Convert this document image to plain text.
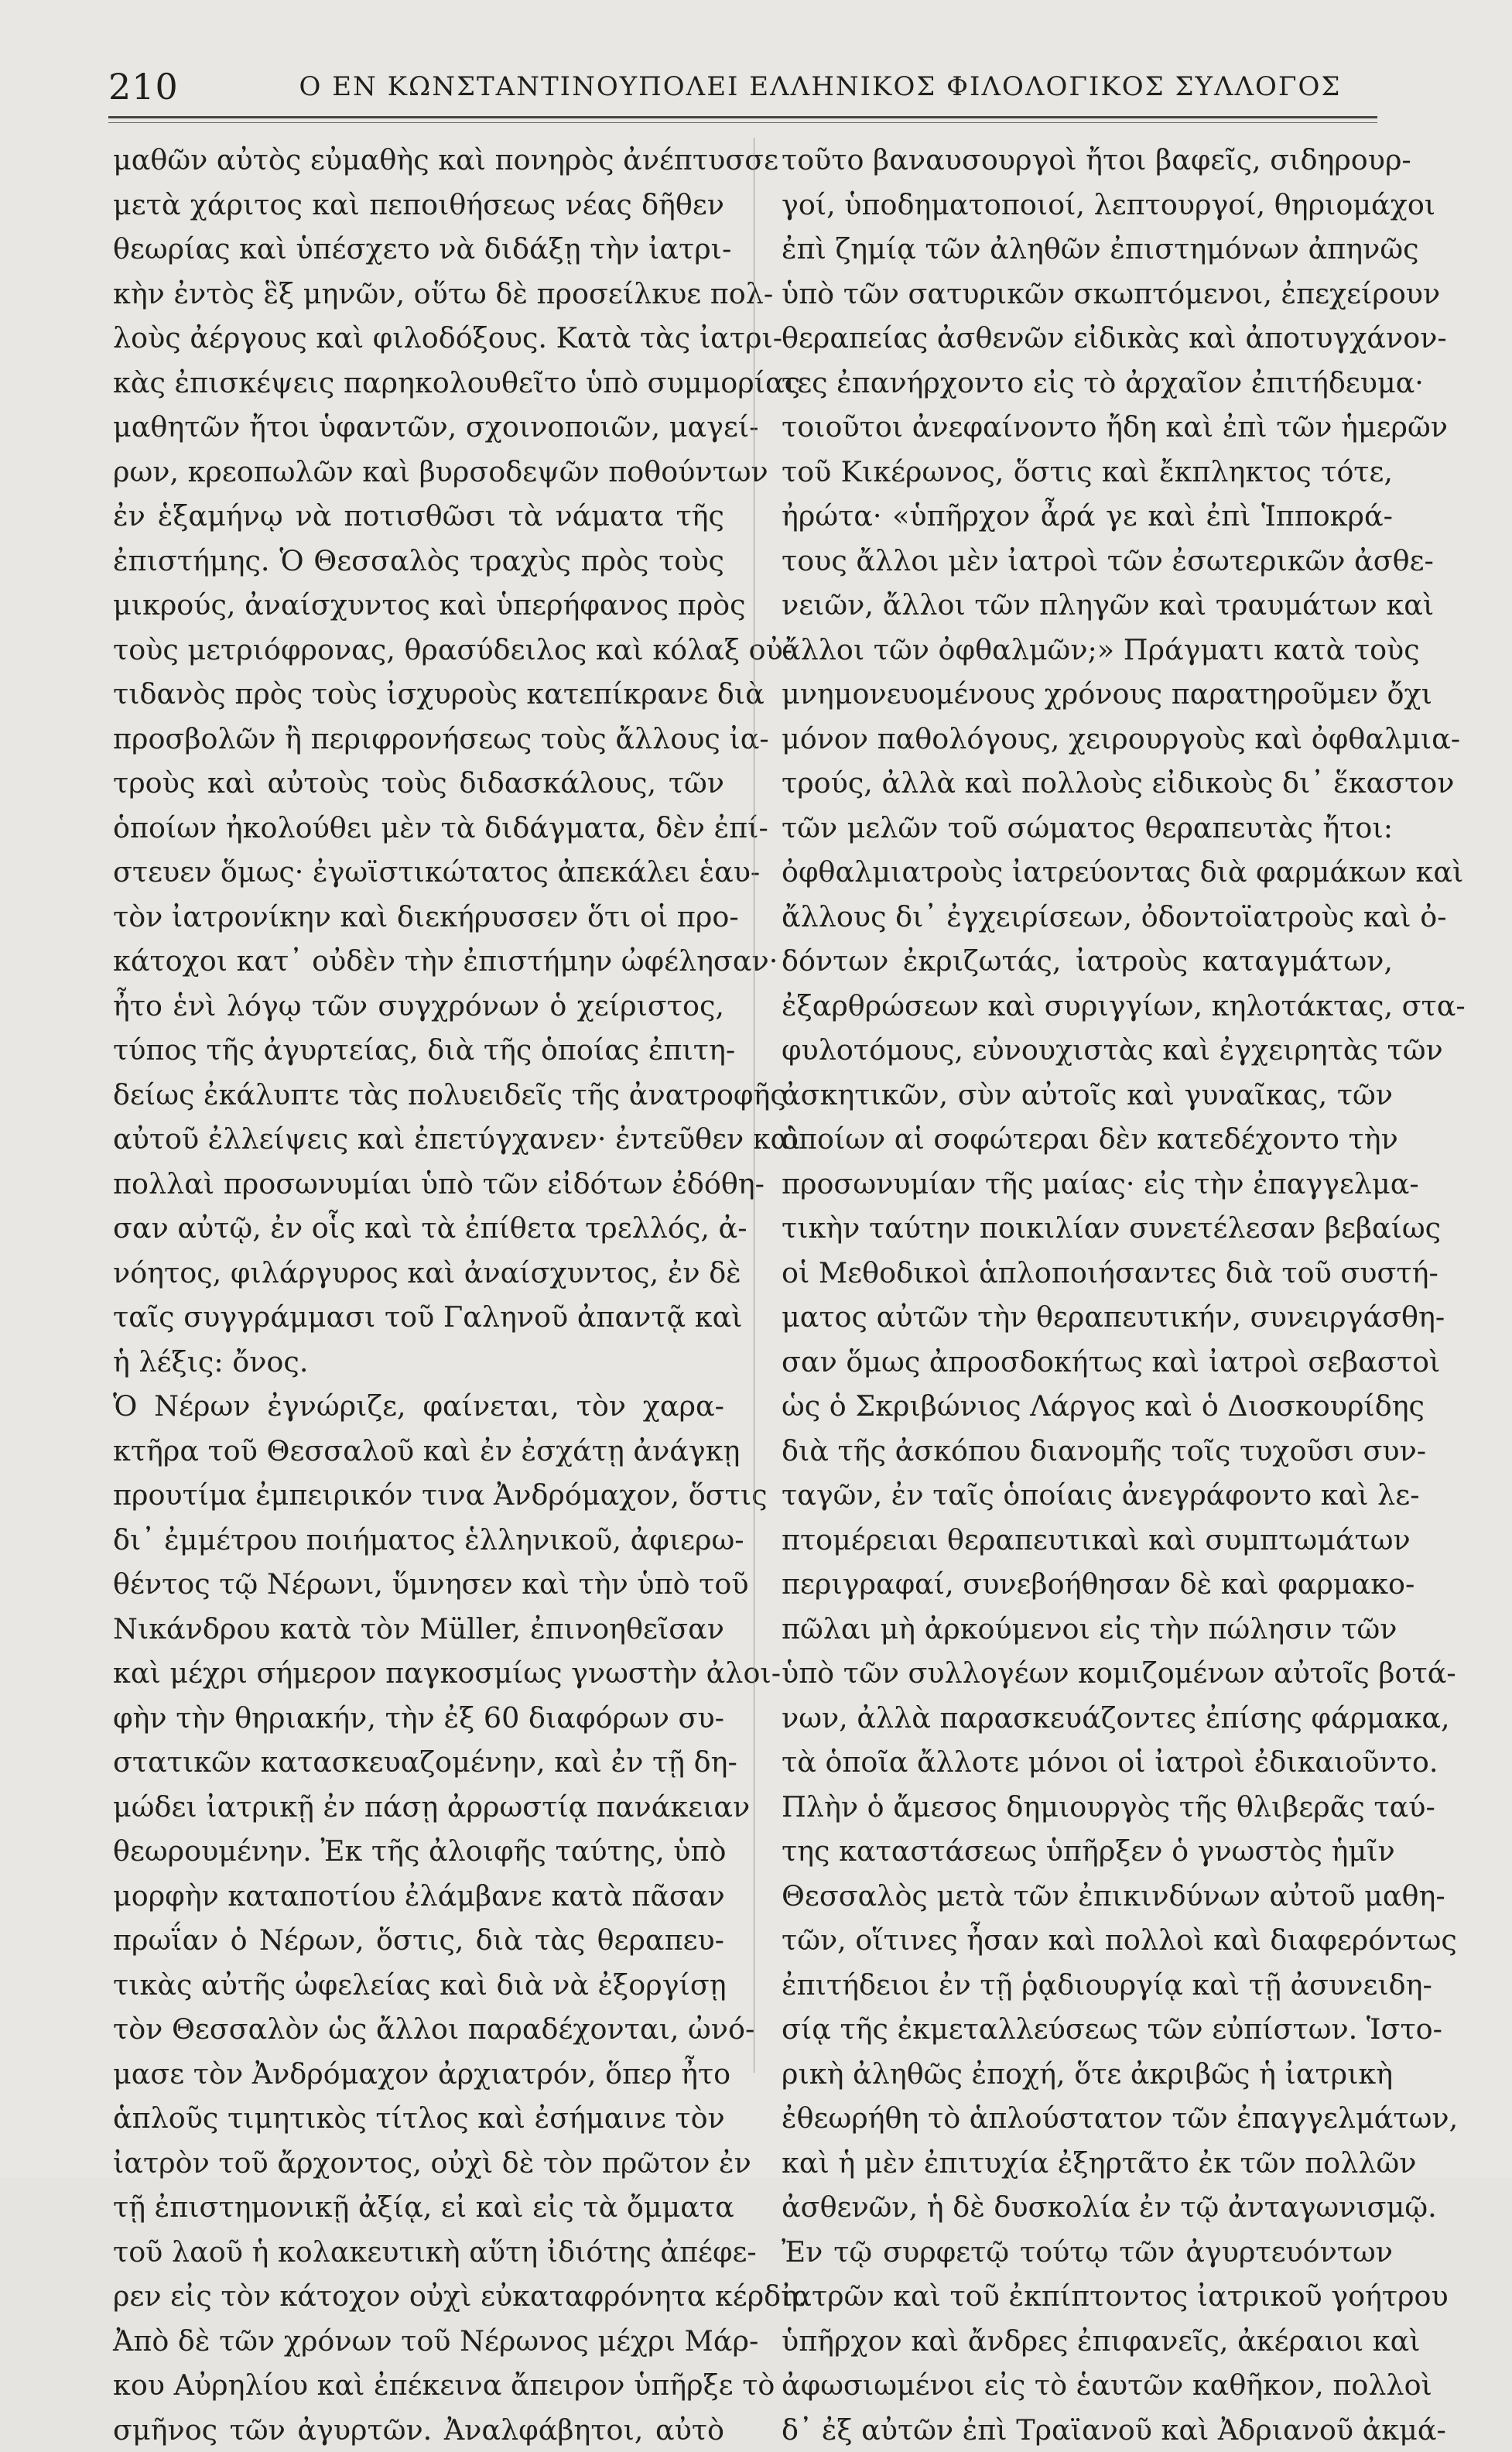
210	Ο ΕΝ ΚΩΝΣΤΑΝΤΙΝΟΥΠΟΛΕΙ ΕΛΛΗΝΙΚΟΣ ΦΙΛΟΛΟΓΙΚΟΣ ΣΥΛΛΟΓΟΣ
μαθῶν αὐτὸς εὐμαθὴς καὶ πονηρὸς ἀνέπτυσσε
μετὰ χάριτος καὶ πεποιθήσεως νέας δῆθεν
θεωρίας καὶ ὑπέσχετο νὰ διδάξῃ τὴν ἰατρι-
κὴν ἐντὸς ἓξ μηνῶν, οὕτω δὲ προσείλκυε πολ-
λοὺς ἀέργους καὶ φιλοδόξους. Κατὰ τὰς ἰατρι-
κὰς ἐπισκέψεις παρηκολουθεῖτο ὑπὸ συμμορίας
μαθητῶν ἤτοι ὑφαντῶν, σχοινοποιῶν, μαγεί-
ρων, κρεοπωλῶν καὶ βυρσοδεψῶν ποθούντων
ἐν ἑξαμήνῳ νὰ ποτισθῶσι τὰ νάματα τῆς
ἐπιστήμης. Ὁ Θεσσαλὸς τραχὺς πρὸς τοὺς
μικρούς, ἀναίσχυντος καὶ ὑπερήφανος πρὸς
τοὺς μετριόφρονας, θρασύδειλος καὶ κόλαξ οὐ-
τιδανὸς πρὸς τοὺς ἰσχυροὺς κατεπίκρανε διὰ
προσβολῶν ἢ περιφρονήσεως τοὺς ἄλλους ἰα-
τροὺς καὶ αὐτοὺς τοὺς διδασκάλους, τῶν
ὁποίων ἠκολούθει μὲν τὰ διδάγματα, δὲν ἐπί-
στευεν ὅμως· ἐγωϊστικώτατος ἀπεκάλει ἑαυ-
τὸν ἰατρονίκην καὶ διεκήρυσσεν ὅτι οἱ προ-
κάτοχοι κατ᾽ οὐδὲν τὴν ἐπιστήμην ὠφέλησαν·
ἦτο ἑνὶ λόγῳ τῶν συγχρόνων ὁ χείριστος,
τύπος τῆς ἀγυρτείας, διὰ τῆς ὁποίας ἐπιτη-
δείως ἐκάλυπτε τὰς πολυειδεῖς τῆς ἀνατροφῆς
αὐτοῦ ἐλλείψεις καὶ ἐπετύγχανεν· ἐντεῦθεν καὶ
πολλαὶ προσωνυμίαι ὑπὸ τῶν εἰδότων ἐδόθη-
σαν αὐτῷ, ἐν οἷς καὶ τὰ ἐπίθετα τρελλός, ἀ-
νόητος, φιλάργυρος καὶ ἀναίσχυντος, ἐν δὲ
ταῖς συγγράμμασι τοῦ Γαληνοῦ ἀπαντᾷ καὶ
ἡ λέξις: ὄνος.
Ὁ Νέρων ἐγνώριζε, φαίνεται, τὸν χαρα-
κτῆρα τοῦ Θεσσαλοῦ καὶ ἐν ἐσχάτῃ ἀνάγκῃ
προυτίμα ἐμπειρικόν τινα Ἀνδρόμαχον, ὅστις
δι᾽ ἐμμέτρου ποιήματος ἑλληνικοῦ, ἀφιερω-
θέντος τῷ Νέρωνι, ὕμνησεν καὶ τὴν ὑπὸ τοῦ
Νικάνδρου κατὰ τὸν Müller, ἐπινοηθεῖσαν
καὶ μέχρι σήμερον παγκοσμίως γνωστὴν ἀλοι-
φὴν τὴν θηριακήν, τὴν ἐξ 60 διαφόρων συ-
στατικῶν κατασκευαζομένην, καὶ ἐν τῇ δη-
μώδει ἰατρικῇ ἐν πάσῃ ἀρρωστίᾳ πανάκειαν
θεωρουμένην. Ἐκ τῆς ἀλοιφῆς ταύτης, ὑπὸ
μορφὴν καταποτίου ἐλάμβανε κατὰ πᾶσαν
πρωΐαν ὁ Νέρων, ὅστις, διὰ τὰς θεραπευ-
τικὰς αὐτῆς ὠφελείας καὶ διὰ νὰ ἐξοργίσῃ
τὸν Θεσσαλὸν ὡς ἄλλοι παραδέχονται, ὠνό-
μασε τὸν Ἀνδρόμαχον ἀρχιατρόν, ὅπερ ἦτο
ἁπλοῦς τιμητικὸς τίτλος καὶ ἐσήμαινε τὸν
ἰατρὸν τοῦ ἄρχοντος, οὐχὶ δὲ τὸν πρῶτον ἐν
τῇ ἐπιστημονικῇ ἀξίᾳ, εἰ καὶ εἰς τὰ ὄμματα
τοῦ λαοῦ ἡ κολακευτικὴ αὕτη ἰδιότης ἀπέφε-
ρεν εἰς τὸν κάτοχον οὐχὶ εὐκαταφρόνητα κέρδη.
Ἀπὸ δὲ τῶν χρόνων τοῦ Νέρωνος μέχρι Μάρ-
κου Αὐρηλίου καὶ ἐπέκεινα ἄπειρον ὑπῆρξε τὸ
σμῆνος τῶν ἀγυρτῶν. Ἀναλφάβητοι, αὐτὸ
τοῦτο βαναυσουργοὶ ἤτοι βαφεῖς, σιδηρουρ-
γοί, ὑποδηματοποιοί, λεπτουργοί, θηριομάχοι
ἐπὶ ζημίᾳ τῶν ἀληθῶν ἐπιστημόνων ἀπηνῶς
ὑπὸ τῶν σατυρικῶν σκωπτόμενοι, ἐπεχείρουν
θεραπείας ἀσθενῶν εἰδικὰς καὶ ἀποτυγχάνον-
τες ἐπανήρχοντο εἰς τὸ ἀρχαῖον ἐπιτήδευμα·
τοιοῦτοι ἀνεφαίνοντο ἤδη καὶ ἐπὶ τῶν ἡμερῶν
τοῦ Κικέρωνος, ὅστις καὶ ἔκπληκτος τότε,
ἠρώτα· «ὑπῆρχον ἆρά γε καὶ ἐπὶ Ἱπποκρά-
τους ἄλλοι μὲν ἰατροὶ τῶν ἐσωτερικῶν ἀσθε-
νειῶν, ἄλλοι τῶν πληγῶν καὶ τραυμάτων καὶ
ἄλλοι τῶν ὀφθαλμῶν;» Πράγματι κατὰ τοὺς
μνημονευομένους χρόνους παρατηροῦμεν ὄχι
μόνον παθολόγους, χειρουργοὺς καὶ ὀφθαλμια-
τρούς, ἀλλὰ καὶ πολλοὺς εἰδικοὺς δι᾽ ἕκαστον
τῶν μελῶν τοῦ σώματος θεραπευτὰς ἤτοι:
ὀφθαλμιατροὺς ἰατρεύοντας διὰ φαρμάκων καὶ
ἄλλους δι᾽ ἐγχειρίσεων, ὀδοντοϊατροὺς καὶ ὀ-
δόντων ἐκριζωτάς, ἰατροὺς καταγμάτων,
ἐξαρθρώσεων καὶ συριγγίων, κηλοτάκτας, στα-
φυλοτόμους, εὐνουχιστὰς καὶ ἐγχειρητὰς τῶν
ἀσκητικῶν, σὺν αὐτοῖς καὶ γυναῖκας, τῶν
ὁποίων αἱ σοφώτεραι δὲν κατεδέχοντο τὴν
προσωνυμίαν τῆς μαίας· εἰς τὴν ἐπαγγελμα-
τικὴν ταύτην ποικιλίαν συνετέλεσαν βεβαίως
οἱ Μεθοδικοὶ ἁπλοποιήσαντες διὰ τοῦ συστή-
ματος αὐτῶν τὴν θεραπευτικήν, συνειργάσθη-
σαν ὅμως ἀπροσδοκήτως καὶ ἰατροὶ σεβαστοὶ
ὡς ὁ Σκριβώνιος Λάργος καὶ ὁ Διοσκουρίδης
διὰ τῆς ἀσκόπου διανομῆς τοῖς τυχοῦσι συν-
ταγῶν, ἐν ταῖς ὁποίαις ἀνεγράφοντο καὶ λε-
πτομέρειαι θεραπευτικαὶ καὶ συμπτωμάτων
περιγραφαί, συνεβοήθησαν δὲ καὶ φαρμακο-
πῶλαι μὴ ἀρκούμενοι εἰς τὴν πώλησιν τῶν
ὑπὸ τῶν συλλογέων κομιζομένων αὐτοῖς βοτά-
νων, ἀλλὰ παρασκευάζοντες ἐπίσης φάρμακα,
τὰ ὁποῖα ἄλλοτε μόνοι οἱ ἰατροὶ ἐδικαιοῦντο.
Πλὴν ὁ ἄμεσος δημιουργὸς τῆς θλιβερᾶς ταύ-
της καταστάσεως ὑπῆρξεν ὁ γνωστὸς ἡμῖν
Θεσσαλὸς μετὰ τῶν ἐπικινδύνων αὐτοῦ μαθη-
τῶν, οἵτινες ἦσαν καὶ πολλοὶ καὶ διαφερόντως
ἐπιτήδειοι ἐν τῇ ῥᾳδιουργίᾳ καὶ τῇ ἀσυνειδη-
σίᾳ τῆς ἐκμεταλλεύσεως τῶν εὐπίστων. Ἱστο-
ρικὴ ἀληθῶς ἐποχή, ὅτε ἀκριβῶς ἡ ἰατρικὴ
ἐθεωρήθη τὸ ἁπλούστατον τῶν ἐπαγγελμάτων,
καὶ ἡ μὲν ἐπιτυχία ἐξηρτᾶτο ἐκ τῶν πολλῶν
ἀσθενῶν, ἡ δὲ δυσκολία ἐν τῷ ἀνταγωνισμῷ.
Ἐν τῷ συρφετῷ τούτῳ τῶν ἀγυρτευόντων
ἰατρῶν καὶ τοῦ ἐκπίπτοντος ἰατρικοῦ γοήτρου
ὑπῆρχον καὶ ἄνδρες ἐπιφανεῖς, ἀκέραιοι καὶ
ἀφωσιωμένοι εἰς τὸ ἑαυτῶν καθῆκον, πολλοὶ
δ᾽ ἐξ αὐτῶν ἐπὶ Τραϊανοῦ καὶ Ἀδριανοῦ ἀκμά-
